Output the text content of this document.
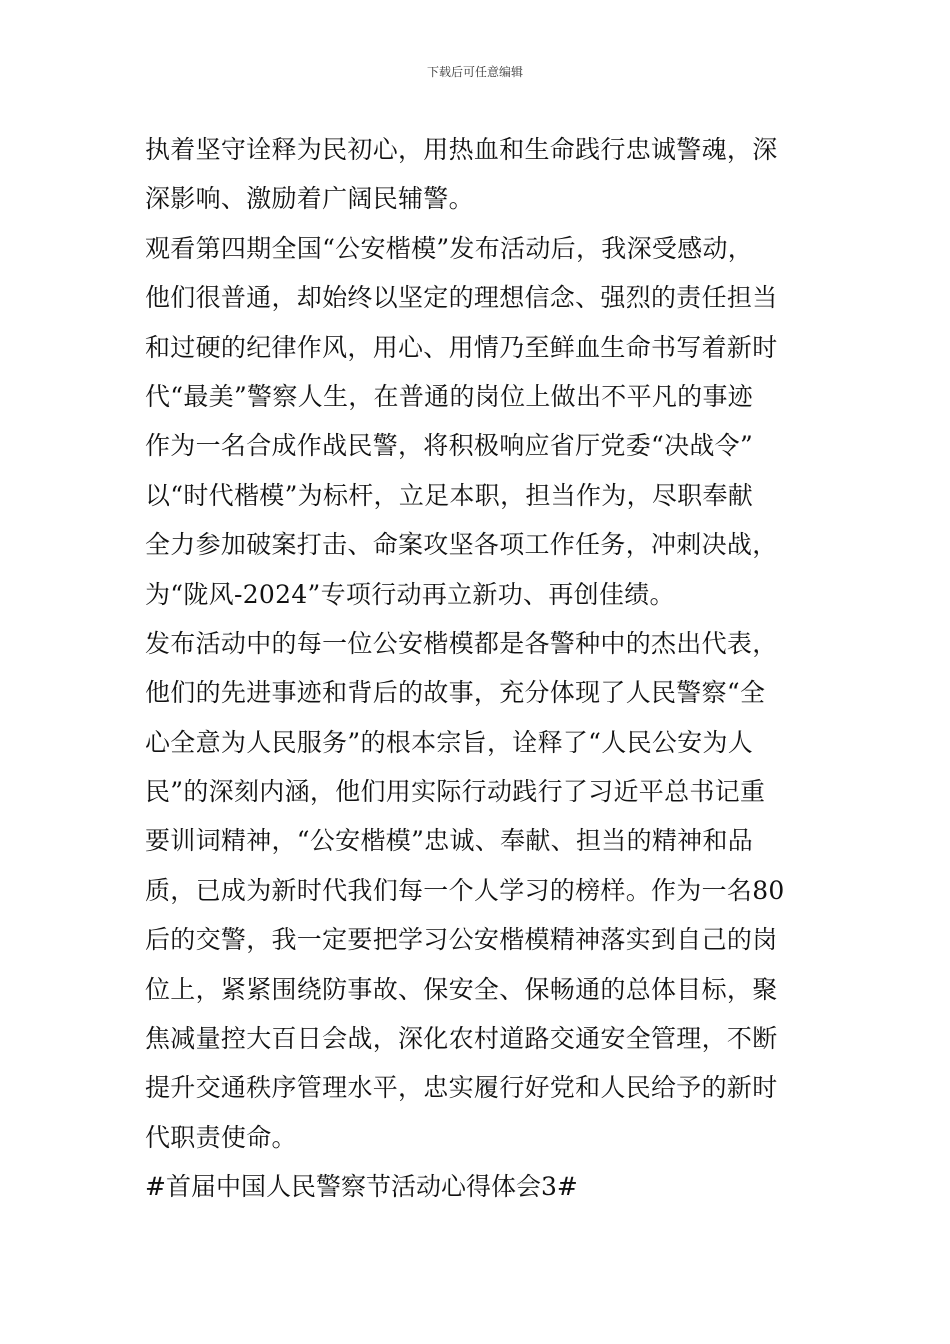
下载后可任意编辑
执着坚守诠释为民初心，用热血和生命践行忠诚警魂，深
深影响、激励着广阔民辅警。
观看第四期全国“公安楷模”发布活动后，我深受感动，
他们很普通，却始终以坚定的理想信念、强烈的责任担当
和过硬的纪律作风，用心、用情乃至鲜血生命书写着新时
代“最美”警察人生，在普通的岗位上做出不平凡的事迹
作为一名合成作战民警，将积极响应省厅党委“决战令”
以“时代楷模”为标杆，立足本职，担当作为，尽职奉献
全力参加破案打击、命案攻坚各项工作任务，冲刺决战，
为“陇风-2024”专项行动再立新功、再创佳绩。
发布活动中的每一位公安楷模都是各警种中的杰出代表，
他们的先进事迹和背后的故事，充分体现了人民警察“全
心全意为人民服务”的根本宗旨，诠释了“人民公安为人
民”的深刻内涵，他们用实际行动践行了习近平总书记重
要训词精神，“公安楷模”忠诚、奉献、担当的精神和品
质，已成为新时代我们每一个人学习的榜样。作为一名80
后的交警，我一定要把学习公安楷模精神落实到自己的岗
位上，紧紧围绕防事故、保安全、保畅通的总体目标，聚
焦减量控大百日会战，深化农村道路交通安全管理，不断
提升交通秩序管理水平，忠实履行好党和人民给予的新时
代职责使命。
#首届中国人民警察节活动心得体会3#
